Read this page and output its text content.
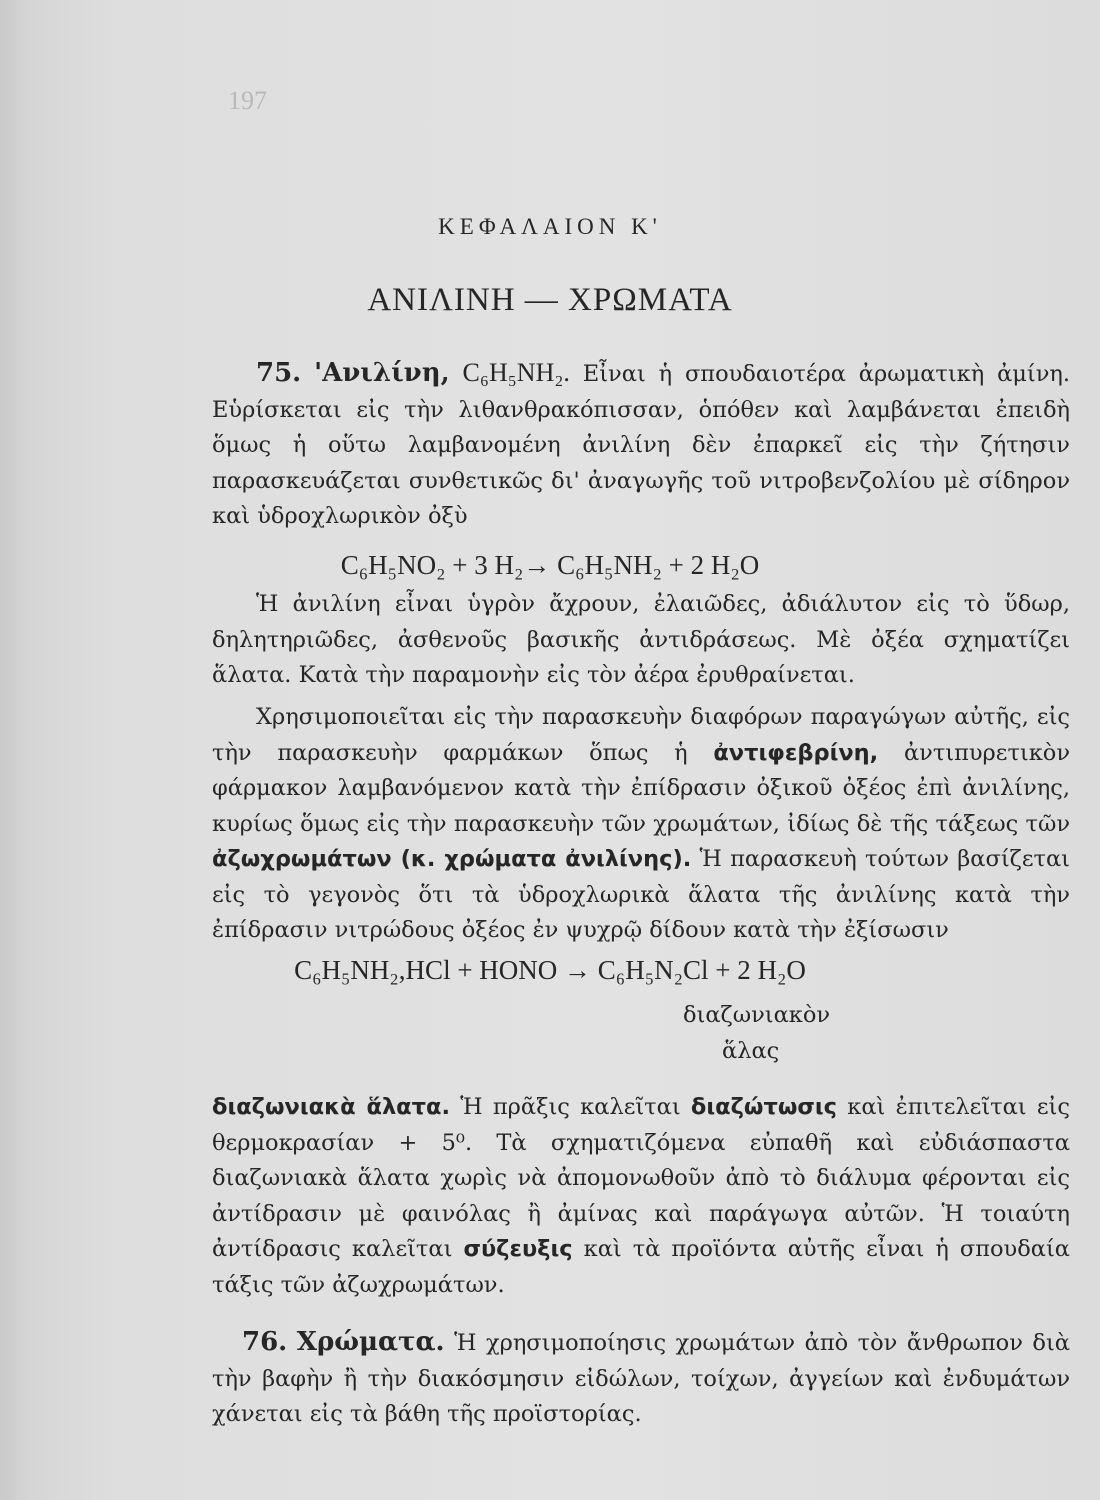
197
ΚΕΦΑΛΑΙΟΝ Κ'
ΑΝΙΛΙΝΗ — ΧΡΩΜΑΤΑ

75. 'Ανιλίνη, C₆H₅NH₂. Εἶναι ἡ σπουδαιοτέρα ἀρωματικὴ ἀμίνη. Εὑρίσκεται εἰς τὴν λιθανθρακόπισσαν, ὁπόθεν καὶ λαμβάνεται ἐπειδὴ ὅμως ἡ οὕτω λαμβανομένη ἀνιλίνη δὲν ἐπαρκεῖ εἰς τὴν ζήτησιν παρασκευάζεται συνθετικῶς δι' ἀναγωγῆς τοῦ νιτροβενζολίου μὲ σίδηρον καὶ ὑδροχλωρικὸν ὀξὺ

C₆H₅NO₂ + 3 H₂→ C₆H₅NH₂ + 2 H₂O

Ἡ ἀνιλίνη εἶναι ὑγρὸν ἄχρουν, ἐλαιῶδες, ἀδιάλυτον εἰς τὸ ὕδωρ, δηλητηριῶδες, ἀσθενοῦς βασικῆς ἀντιδράσεως. Μὲ ὀξέα σχηματίζει ἅλατα. Κατὰ τὴν παραμονὴν εἰς τὸν ἀέρα ἐρυθραίνεται.

Χρησιμοποιεῖται εἰς τὴν παρασκευὴν διαφόρων παραγώγων αὐτῆς, εἰς τὴν παρασκευὴν φαρμάκων ὅπως ἡ ἀντιφεβρίνη, ἀντιπυρετικὸν φάρμακον λαμβανόμενον κατὰ τὴν ἐπίδρασιν ὀξικοῦ ὀξέος ἐπὶ ἀνιλίνης, κυρίως ὅμως εἰς τὴν παρασκευὴν τῶν χρωμάτων, ἰδίως δὲ τῆς τάξεως τῶν ἀζωχρωμάτων (κ. χρώματα ἀνιλίνης). Ἡ παρασκευὴ τούτων βασίζεται εἰς τὸ γεγονὸς ὅτι τὰ ὑδροχλωρικὰ ἅλατα τῆς ἀνιλίνης κατὰ τὴν ἐπίδρασιν νιτρώδους ὀξέος ἐν ψυχρῷ δίδουν κατὰ τὴν ἐξίσωσιν

C₆H₅NH₂,HCl + HONO → C₆H₅N₂Cl + 2 H₂O
διαζωνιακὸν
ἅλας

διαζωνιακὰ ἅλατα. Ἡ πρᾶξις καλεῖται διαζώτωσις καὶ ἐπιτελεῖται εἰς θερμοκρασίαν + 5⁰. Τὰ σχηματιζόμενα εὐπαθῆ καὶ εὐδιάσπαστα διαζωνιακὰ ἅλατα χωρὶς νὰ ἀπομονωθοῦν ἀπὸ τὸ διάλυμα φέρονται εἰς ἀντίδρασιν μὲ φαινόλας ἢ ἀμίνας καὶ παράγωγα αὐτῶν. Ἡ τοιαύτη ἀντίδρασις καλεῖται σύζευξις καὶ τὰ προϊόντα αὐτῆς εἶναι ἡ σπουδαία τάξις τῶν ἀζωχρωμάτων.

76. Χρώματα. Ἡ χρησιμοποίησις χρωμάτων ἀπὸ τὸν ἄνθρωπον διὰ τὴν βαφὴν ἢ τὴν διακόσμησιν εἰδώλων, τοίχων, ἀγγείων καὶ ἐνδυμάτων χάνεται εἰς τὰ βάθη τῆς προϊστορίας.
